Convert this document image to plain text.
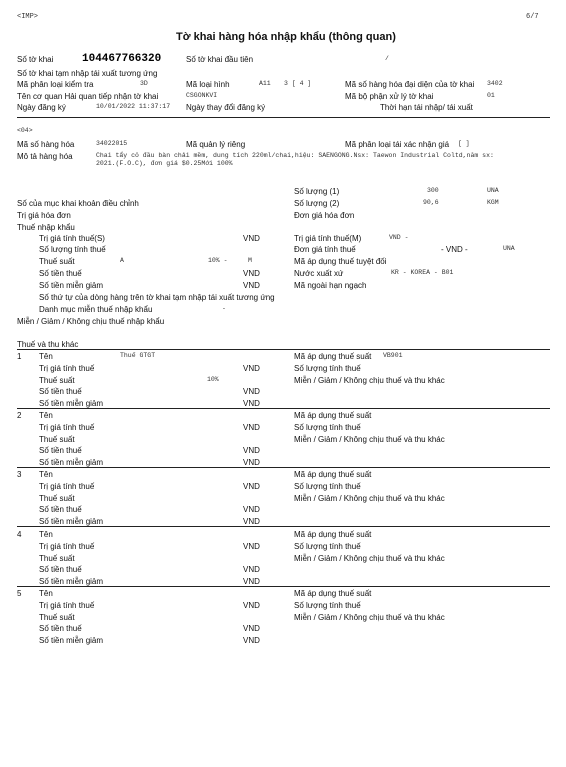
<IMP>	6/7
Tờ khai hàng hóa nhập khẩu (thông quan)
Số tờ khai	104467766320	Số tờ khai đầu tiên	/
Số tờ khai tạm nhập tái xuất tương ứng
Mã phân loại kiểm tra	3D	Mã loại hình	A11 3 [ 4 ]	Mã số hàng hóa đại diện của tờ khai 3402
Tên cơ quan Hải quan tiếp nhận tờ khai	CSGONKVI	Mã bộ phận xử lý tờ khai	01
Ngày đăng ký	10/01/2022 11:37:17 Ngày thay đổi đăng ký	Thời hạn tái nhập/ tái xuất
<04>
Mã số hàng hóa	34022015	Mã quản lý riêng	Mã phân loại tái xác nhận giá [ ]
Mô tả hàng hóa	Chai tẩy cỏ đầu bàn chải mềm, dung tích 220ml/chai,hiệu: SAENGONG.Nsx: Taewon Industrial Coltd,năm sx: 2021.(F.O.C), đơn giá $0.25Mới 100%
Số lượng (1)	300	UNA
Số của mục khai khoản điều chỉnh	Số lượng (2)	90,6	KGM
Trị giá hóa đơn	Đơn giá hóa đơn
Thuế nhập khẩu
Trị giá tính thuế(S)	VND	Trị giá tính thuế(M)	VND -
Số lượng tính thuế	Đơn giá tính thuế	- VND -	UNA
Thuế suất	A	10% -	M	Mã áp dụng thuế tuyệt đối
Số tiền thuế	VND	Nước xuất xứ	KR - KOREA - B01
Số tiền miễn giảm	VND	Mã ngoài hạn ngạch
Số thứ tự của dòng hàng trên tờ khai tạm nhập tái xuất tương ứng
Danh mục miễn thuế nhập khẩu	-
Miễn / Giảm / Không chịu thuế nhập khẩu
Thuế và thu khác
1 Tên	Thuế GTGT	Mã áp dụng thuế suất VB901
Trị giá tính thuế	VND	Số lượng tính thuế
Thuế suất	10%	Miễn / Giảm / Không chịu thuế và thu khác
Số tiền thuế	VND
Số tiền miễn giảm	VND
2 Tên	Mã áp dụng thuế suất
Trị giá tính thuế	VND	Số lượng tính thuế
Thuế suất	Miễn / Giảm / Không chịu thuế và thu khác
Số tiền thuế	VND
Số tiền miễn giảm	VND
3 Tên	Mã áp dụng thuế suất
Trị giá tính thuế	VND	Số lượng tính thuế
Thuế suất	Miễn / Giảm / Không chịu thuế và thu khác
Số tiền thuế	VND
Số tiền miễn giảm	VND
4 Tên	Mã áp dụng thuế suất
Trị giá tính thuế	VND	Số lượng tính thuế
Thuế suất	Miễn / Giảm / Không chịu thuế và thu khác
Số tiền thuế	VND
Số tiền miễn giảm	VND
5 Tên	Mã áp dụng thuế suất
Trị giá tính thuế	VND	Số lượng tính thuế
Thuế suất	Miễn / Giảm / Không chịu thuế và thu khác
Số tiền thuế	VND
Số tiền miễn giảm	VND
